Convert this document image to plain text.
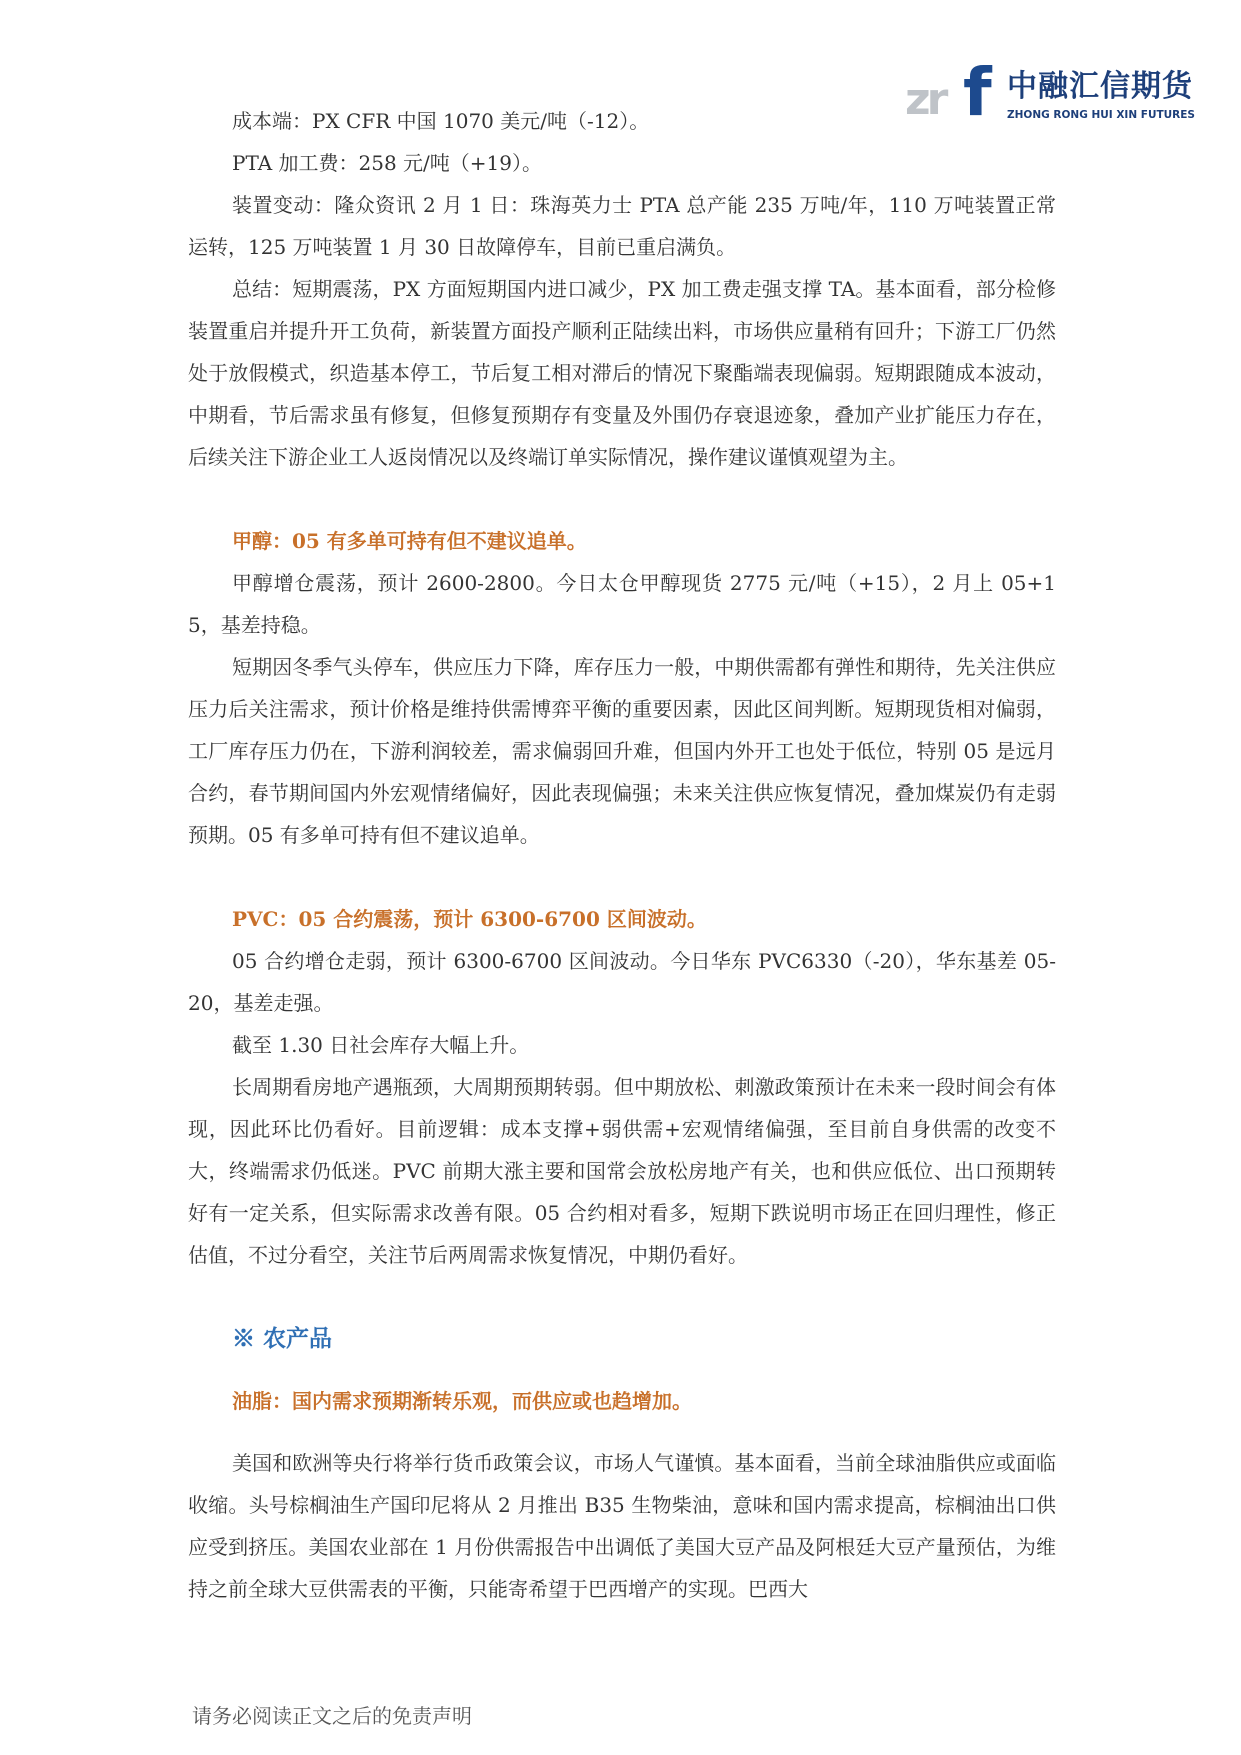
zr f 中融汇信期货
ZHONG RONG HUI XIN FUTURES

成本端：PX CFR 中国 1070 美元/吨（-12）。

PTA 加工费：258 元/吨（+19）。

装置变动：隆众资讯 2 月 1 日：珠海英力士 PTA 总产能 235 万吨/年，110 万吨装置正常运转，125 万吨装置 1 月 30 日故障停车，目前已重启满负。

总结：短期震荡，PX 方面短期国内进口减少，PX 加工费走强支撑 TA。基本面看，部分检修装置重启并提升开工负荷，新装置方面投产顺利正陆续出料，市场供应量稍有回升；下游工厂仍然处于放假模式，织造基本停工，节后复工相对滞后的情况下聚酯端表现偏弱。短期跟随成本波动，中期看，节后需求虽有修复，但修复预期存有变量及外围仍存衰退迹象，叠加产业扩能压力存在，后续关注下游企业工人返岗情况以及终端订单实际情况，操作建议谨慎观望为主。

甲醇：05 有多单可持有但不建议追单。

甲醇增仓震荡，预计 2600-2800。今日太仓甲醇现货 2775 元/吨（+15），2 月上 05+15，基差持稳。

短期因冬季气头停车，供应压力下降，库存压力一般，中期供需都有弹性和期待，先关注供应压力后关注需求，预计价格是维持供需博弈平衡的重要因素，因此区间判断。短期现货相对偏弱，工厂库存压力仍在，下游利润较差，需求偏弱回升难，但国内外开工也处于低位，特别 05 是远月合约，春节期间国内外宏观情绪偏好，因此表现偏强；未来关注供应恢复情况，叠加煤炭仍有走弱预期。05 有多单可持有但不建议追单。

PVC：05 合约震荡，预计 6300-6700 区间波动。

05 合约增仓走弱，预计 6300-6700 区间波动。今日华东 PVC6330（-20），华东基差 05-20，基差走强。

截至 1.30 日社会库存大幅上升。

长周期看房地产遇瓶颈，大周期预期转弱。但中期放松、刺激政策预计在未来一段时间会有体现，因此环比仍看好。目前逻辑：成本支撑+弱供需+宏观情绪偏强，至目前自身供需的改变不大，终端需求仍低迷。PVC 前期大涨主要和国常会放松房地产有关，也和供应低位、出口预期转好有一定关系，但实际需求改善有限。05 合约相对看多，短期下跌说明市场正在回归理性，修正估值，不过分看空，关注节后两周需求恢复情况，中期仍看好。

※ 农产品

油脂：国内需求预期渐转乐观，而供应或也趋增加。

美国和欧洲等央行将举行货币政策会议，市场人气谨慎。基本面看，当前全球油脂供应或面临收缩。头号棕榈油生产国印尼将从 2 月推出 B35 生物柴油，意味和国内需求提高，棕榈油出口供应受到挤压。美国农业部在 1 月份供需报告中出调低了美国大豆产品及阿根廷大豆产量预估，为维持之前全球大豆供需表的平衡，只能寄希望于巴西增产的实现。巴西大

请务必阅读正文之后的免责声明
